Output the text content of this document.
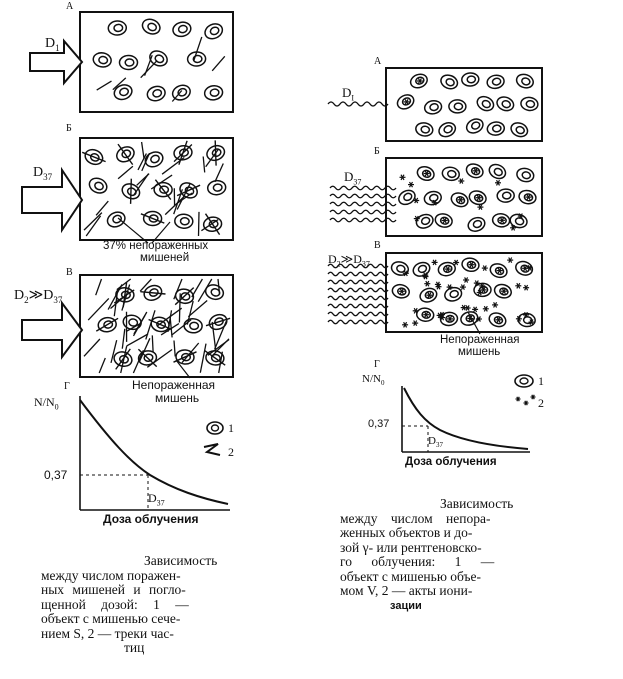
А
$D_1$
Б
$D_{37}$
37% непораженных
мишеней
В
$D_2≫D_{37}$
Непораженная
мишень
Г
$N/N_0$
0,37
$D_{37}$
Доза облучения
1
2
Зависимость
между числом поражен-
ных мишеней и погло-
щенной дозой: 1 —
объект с мишенью сече-
нием S, 2 — треки час-
тиц
А
$D_I$
Б
$D_{37}$
В
$D_2≫D_{37}$
Непораженная
мишень
Г
$N/N_0$
0,37
$D_{37}$
Доза облучения
1
2
Зависимость
между числом непора-
женных объектов и до-
зой γ- или рентгеновско-
го облучения: 1 —
объект с мишенью объе-
мом V, 2 — акты иони-
зации
